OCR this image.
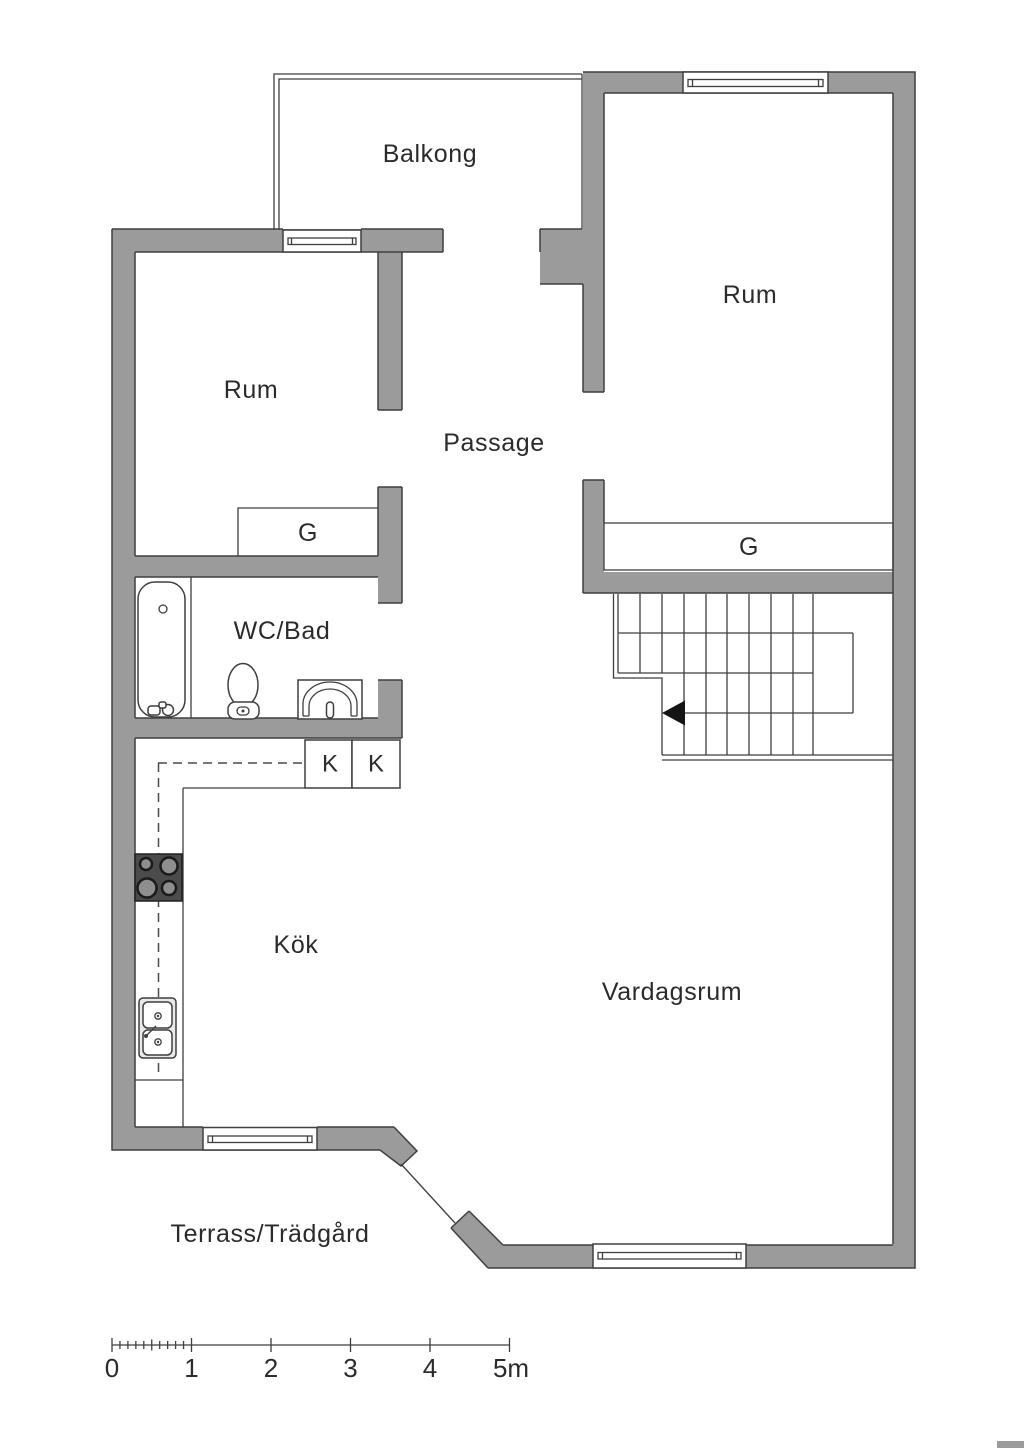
Balkong
Rum
Rum
Passage
G	G
WC/Bad
K K
Kök
Vardagsrum
Terrass/Trädgård
0	1	2	3	4 5m
